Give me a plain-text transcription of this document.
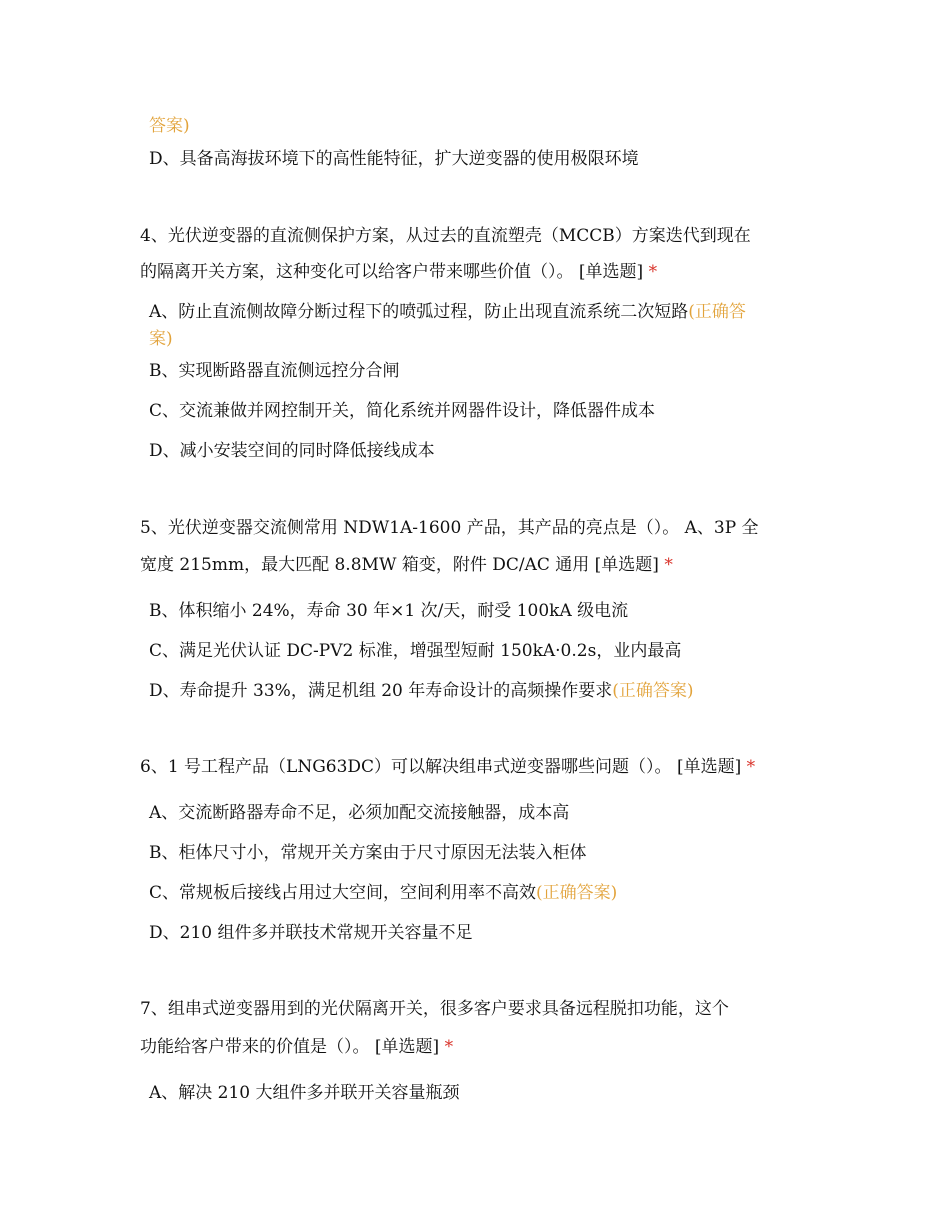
答案)
D、具备高海拔环境下的高性能特征，扩大逆变器的使用极限环境
4、光伏逆变器的直流侧保护方案，从过去的直流塑壳（MCCB）方案迭代到现在
的隔离开关方案，这种变化可以给客户带来哪些价值（）。 [单选题] *
A、防止直流侧故障分断过程下的喷弧过程，防止出现直流系统二次短路(正确答
案)
B、实现断路器直流侧远控分合闸
C、交流兼做并网控制开关，简化系统并网器件设计，降低器件成本
D、减小安装空间的同时降低接线成本
5、光伏逆变器交流侧常用 NDW1A-1600 产品，其产品的亮点是（）。 A、3P 全
宽度 215mm，最大匹配 8.8MW 箱变，附件 DC/AC 通用 [单选题] *
B、体积缩小 24%，寿命 30 年×1 次/天，耐受 100kA 级电流
C、满足光伏认证 DC-PV2 标准，增强型短耐 150kA·0.2s，业内最高
D、寿命提升 33%，满足机组 20 年寿命设计的高频操作要求(正确答案)
6、1 号工程产品（LNG63DC）可以解决组串式逆变器哪些问题（）。 [单选题] *
A、交流断路器寿命不足，必须加配交流接触器，成本高
B、柜体尺寸小，常规开关方案由于尺寸原因无法装入柜体
C、常规板后接线占用过大空间，空间利用率不高效(正确答案)
D、210 组件多并联技术常规开关容量不足
7、组串式逆变器用到的光伏隔离开关，很多客户要求具备远程脱扣功能，这个
功能给客户带来的价值是（）。 [单选题] *
A、解决 210 大组件多并联开关容量瓶颈
